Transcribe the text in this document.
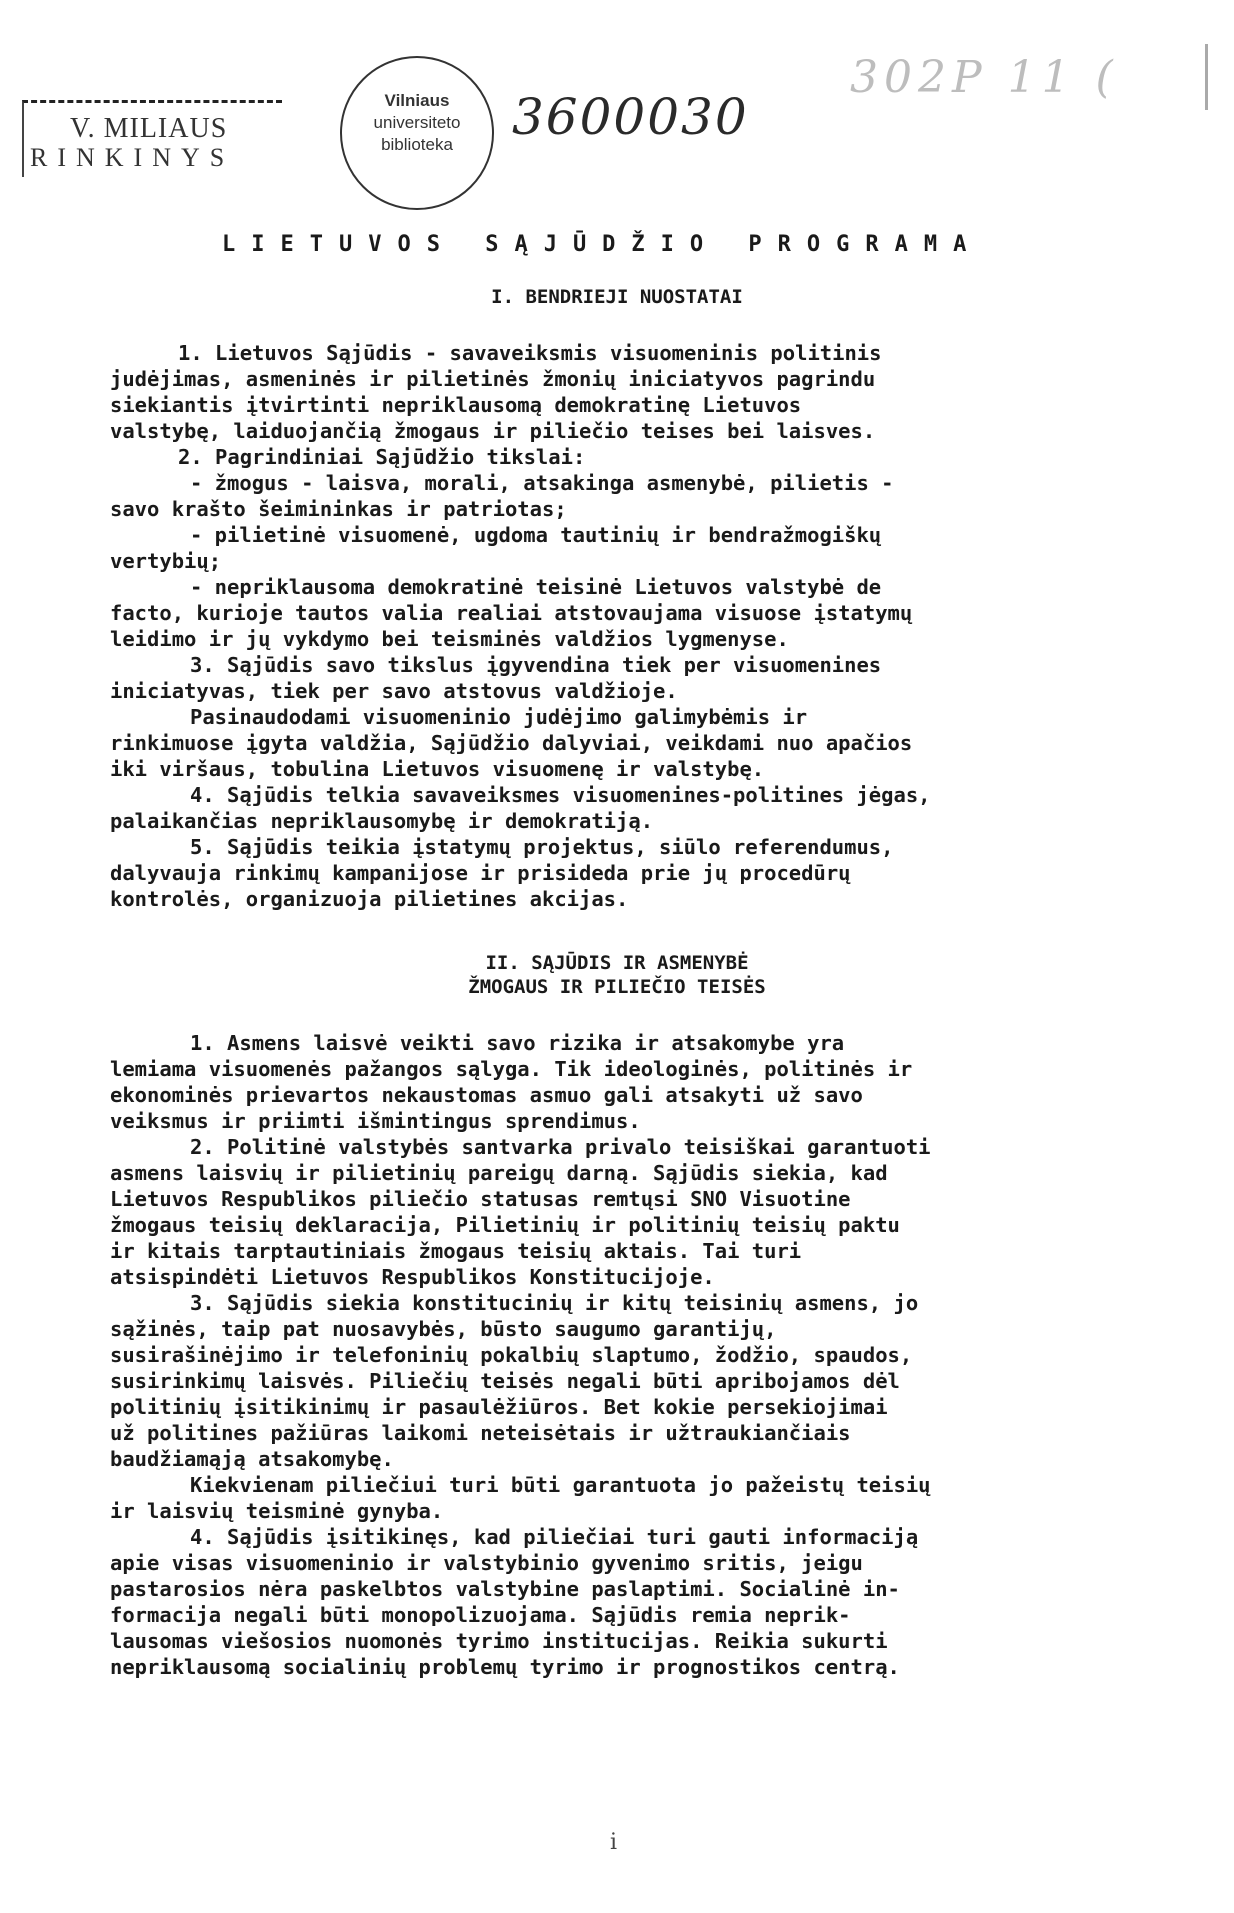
V. MILIAUS
RINKINYS
Vilniaus
universiteto
biblioteka	3600030
302Р 11 (
LIETUVOS SĄJŪDŽIO PROGRAMA
I. BENDRIEJI NUOSTATAI

1. Lietuvos Sąjūdis - savaveiksmis visuomeninis politinis

judėjimas, asmeninės ir pilietinės žmonių iniciatyvos pagrindu

siekiantis įtvirtinti nepriklausomą demokratinę Lietuvos

valstybę, laiduojančią žmogaus ir piliečio teises bei laisves.

2. Pagrindiniai Sąjūdžio tikslai:

- žmogus - laisva, morali, atsakinga asmenybė, pilietis -

savo krašto šeimininkas ir patriotas;

- pilietinė visuomenė, ugdoma tautinių ir bendražmogiškų

vertybių;

- nepriklausoma demokratinė teisinė Lietuvos valstybė de

facto, kurioje tautos valia realiai atstovaujama visuose įstatymų

leidimo ir jų vykdymo bei teisminės valdžios lygmenyse.

3. Sąjūdis savo tikslus įgyvendina tiek per visuomenines

iniciatyvas, tiek per savo atstovus valdžioje.

Pasinaudodami visuomeninio judėjimo galimybėmis ir

rinkimuose įgyta valdžia, Sąjūdžio dalyviai, veikdami nuo apačios

iki viršaus, tobulina Lietuvos visuomenę ir valstybę.

4. Sąjūdis telkia savaveiksmes visuomenines-politines jėgas,

palaikančias nepriklausomybę ir demokratiją.

5. Sąjūdis teikia įstatymų projektus, siūlo referendumus,

dalyvauja rinkimų kampanijose ir prisideda prie jų procedūrų

kontrolės, organizuoja pilietines akcijas.

II. SĄJŪDIS IR ASMENYBĖ
ŽMOGAUS IR PILIEČIO TEISĖS

1. Asmens laisvė veikti savo rizika ir atsakomybe yra

lemiama visuomenės pažangos sąlyga. Tik ideologinės, politinės ir

ekonominės prievartos nekaustomas asmuo gali atsakyti už savo

veiksmus ir priimti išmintingus sprendimus.

2. Politinė valstybės santvarka privalo teisiškai garantuoti

asmens laisvių ir pilietinių pareigų darną. Sąjūdis siekia, kad

Lietuvos Respublikos piliečio statusas remtųsi SNO Visuotine

žmogaus teisių deklaracija, Pilietinių ir politinių teisių paktu

ir kitais tarptautiniais žmogaus teisių aktais. Tai turi

atsispindėti Lietuvos Respublikos Konstitucijoje.

3. Sąjūdis siekia konstitucinių ir kitų teisinių asmens, jo

sąžinės, taip pat nuosavybės, būsto saugumo garantijų,

susirašinėjimo ir telefoninių pokalbių slaptumo, žodžio, spaudos,

susirinkimų laisvės. Piliečių teisės negali būti apribojamos dėl

politinių įsitikinimų ir pasaulėžiūros. Bet kokie persekiojimai

už politines pažiūras laikomi neteisėtais ir užtraukiančiais

baudžiamąją atsakomybę.

Kiekvienam piliečiui turi būti garantuota jo pažeistų teisių

ir laisvių teisminė gynyba.

4. Sąjūdis įsitikinęs, kad piliečiai turi gauti informaciją

apie visas visuomeninio ir valstybinio gyvenimo sritis, jeigu

pastarosios nėra paskelbtos valstybine paslaptimi. Socialinė in-

formacija negali būti monopolizuojama. Sąjūdis remia neprik-

lausomas viešosios nuomonės tyrimo institucijas. Reikia sukurti

nepriklausomą socialinių problemų tyrimo ir prognostikos centrą.

i
